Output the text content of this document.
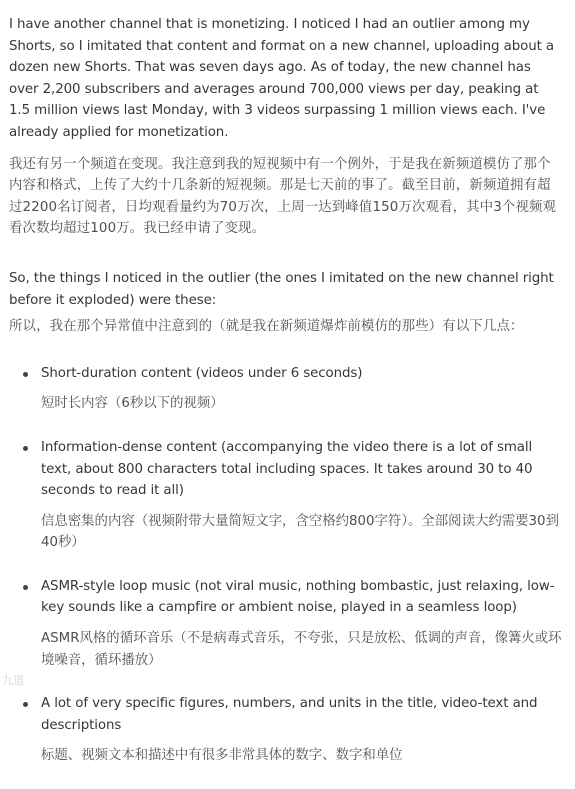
I have another channel that is monetizing. I noticed I had an outlier among my Shorts, so I imitated that content and format on a new channel, uploading about a dozen new Shorts. That was seven days ago. As of today, the new channel has over 2,200 subscribers and averages around 700,000 views per day, peaking at 1.5 million views last Monday, with 3 videos surpassing 1 million views each. I've already applied for monetization.

我还有另一个频道在变现。我注意到我的短视频中有一个例外，于是我在新频道模仿了那个内容和格式，上传了大约十几条新的短视频。那是七天前的事了。截至目前，新频道拥有超过2200名订阅者，日均观看量约为70万次，上周一达到峰值150万次观看，其中3个视频观看次数均超过100万。我已经申请了变现。

So, the things I noticed in the outlier (the ones I imitated on the new channel right before it exploded) were these:

所以，我在那个异常值中注意到的（就是我在新频道爆炸前模仿的那些）有以下几点：

Short-duration content (videos under 6 seconds)

短时长内容（6秒以下的视频）

Information-dense content (accompanying the video there is a lot of small text, about 800 characters total including spaces. It takes around 30 to 40 seconds to read it all)

信息密集的内容（视频附带大量简短文字，含空格约800字符）。全部阅读大约需要30到40秒）

ASMR-style loop music (not viral music, nothing bombastic, just relaxing, low-key sounds like a campfire or ambient noise, played in a seamless loop)

ASMR风格的循环音乐（不是病毒式音乐，不夸张，只是放松、低调的声音，像篝火或环境噪音，循环播放）

A lot of very specific figures, numbers, and units in the title, video-text and descriptions

标题、视频文本和描述中有很多非常具体的数字、数字和单位

九道
